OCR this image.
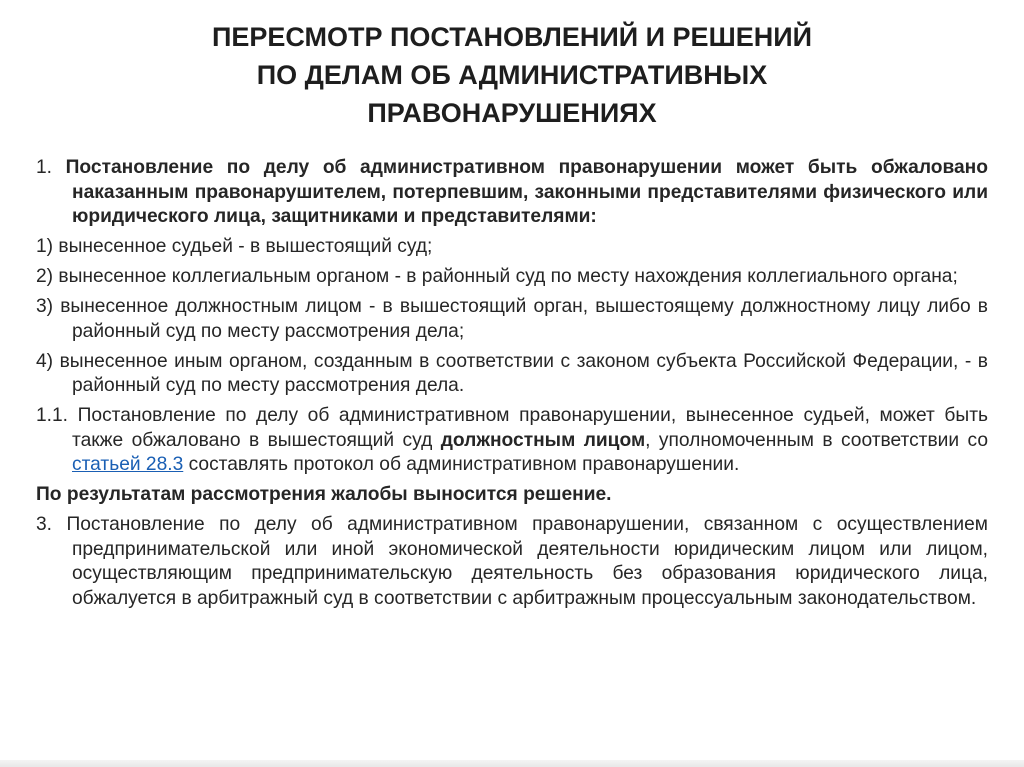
ПЕРЕСМОТР ПОСТАНОВЛЕНИЙ И РЕШЕНИЙ
ПО ДЕЛАМ ОБ АДМИНИСТРАТИВНЫХ
ПРАВОНАРУШЕНИЯХ

1. Постановление по делу об административном правонарушении может быть обжаловано наказанным правонарушителем, потерпевшим, законными представителями физического или юридического лица, защитниками и представителями:

1) вынесенное судьей - в вышестоящий суд;

2) вынесенное коллегиальным органом - в районный суд по месту нахождения коллегиального органа;

3) вынесенное должностным лицом - в вышестоящий орган, вышестоящему должностному лицу либо в районный суд по месту рассмотрения дела;

4) вынесенное иным органом, созданным в соответствии с законом субъекта Российской Федерации, - в районный суд по месту рассмотрения дела.

1.1. Постановление по делу об административном правонарушении, вынесенное судьей, может быть также обжаловано в вышестоящий суд должностным лицом, уполномоченным в соответствии со статьей 28.3 составлять протокол об административном правонарушении.

По результатам рассмотрения жалобы выносится решение.

3. Постановление по делу об административном правонарушении, связанном с осуществлением предпринимательской или иной экономической деятельности юридическим лицом или лицом, осуществляющим предпринимательскую деятельность без образования юридического лица, обжалуется в арбитражный суд в соответствии с арбитражным процессуальным законодательством.
